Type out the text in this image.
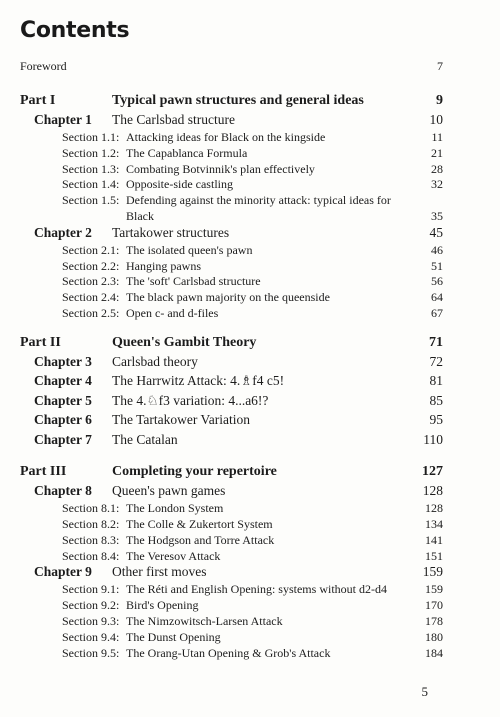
Contents
Foreword	7
Part I	Typical pawn structures and general ideas	9
Chapter 1	The Carlsbad structure	10
Section 1.1: Attacking ideas for Black on the kingside	11
Section 1.2: The Capablanca Formula	21
Section 1.3: Combating Botvinnik's plan effectively	28
Section 1.4: Opposite-side castling	32
Section 1.5: Defending against the minority attack: typical ideas for
Black	35
Chapter 2	Tartakower structures	45
Section 2.1: The isolated queen's pawn	46
Section 2.2: Hanging pawns	51
Section 2.3: The 'soft' Carlsbad structure	56
Section 2.4: The black pawn majority on the queenside	64
Section 2.5: Open c- and d-files	67
Part II	Queen's Gambit Theory	71
Chapter 3	Carlsbad theory	72
Chapter 4	The Harrwitz Attack: 4.♗f4 c5!	81
Chapter 5	The 4.♘f3 variation: 4...a6!?	85
Chapter 6	The Tartakower Variation	95
Chapter 7	The Catalan	110
Part III	Completing your repertoire	127
Chapter 8	Queen's pawn games	128
Section 8.1: The London System	128
Section 8.2: The Colle & Zukertort System	134
Section 8.3: The Hodgson and Torre Attack	141
Section 8.4: The Veresov Attack	151
Chapter 9	Other first moves	159
Section 9.1: The Réti and English Opening: systems without d2-d4	159
Section 9.2: Bird's Opening	170
Section 9.3: The Nimzowitsch-Larsen Attack	178
Section 9.4: The Dunst Opening	180
Section 9.5: The Orang-Utan Opening & Grob's Attack	184
5
